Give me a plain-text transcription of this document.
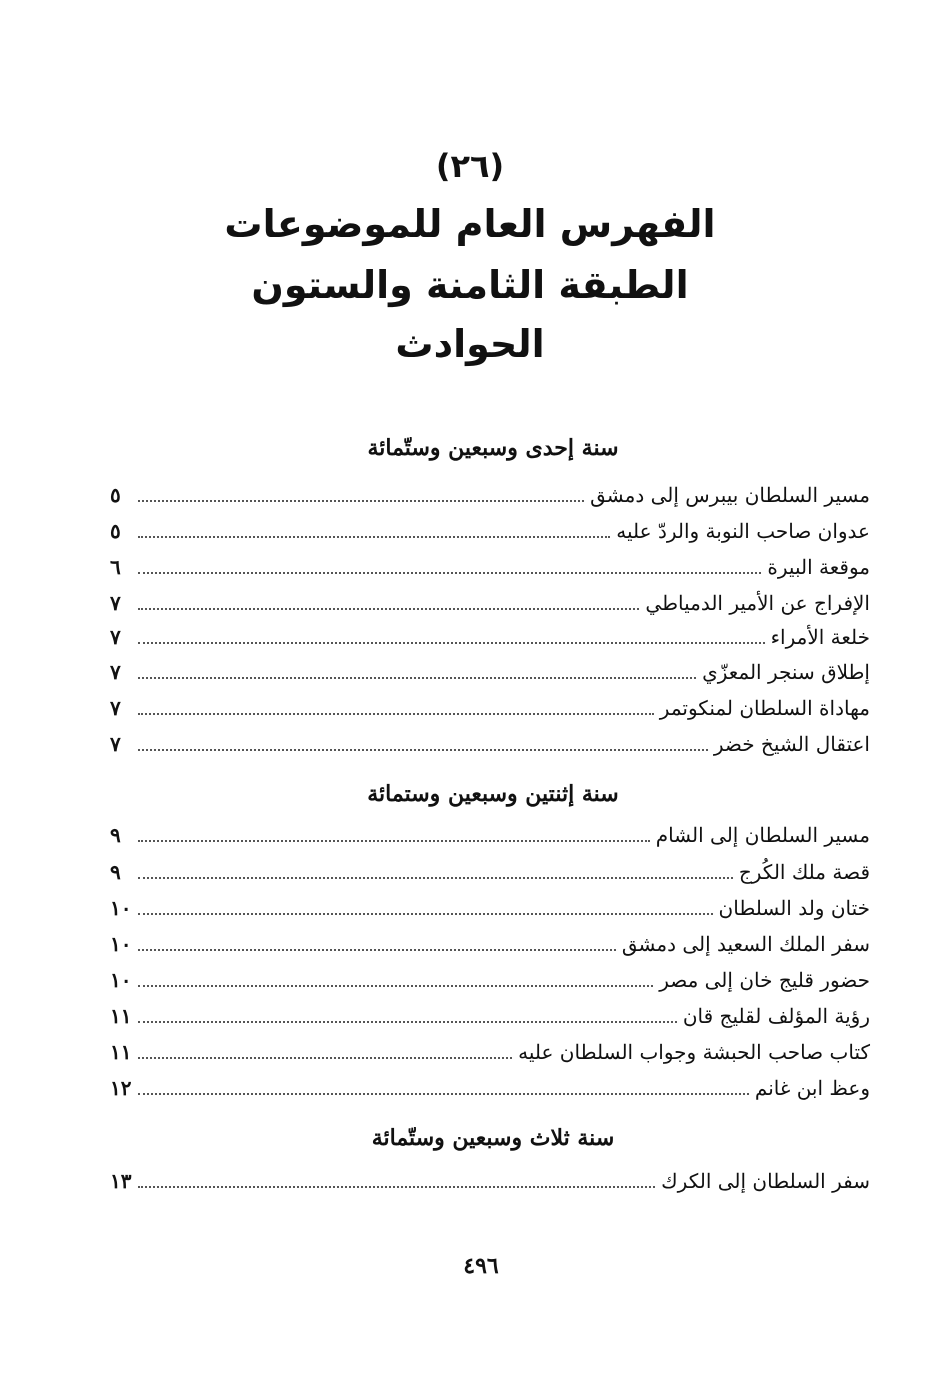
(٢٦)
الفهرس العام للموضوعات
الطبقة الثامنة والستون
الحوادث
سنة إحدى وسبعين وستّمائة
مسير السلطان بيبرس إلى دمشق
٥
عدوان صاحب النوبة والردّ عليه
٥
موقعة البيرة
٦
الإفراج عن الأمير الدمياطي
٧
خلعة الأمراء
٧
إطلاق سنجر المعزّي
٧
مهاداة السلطان لمنكوتمر
٧
اعتقال الشيخ خضر
٧
سنة إثنتين وسبعين وستمائة
مسير السلطان إلى الشام
٩
قصة ملك الكُرج
٩
ختان ولد السلطان
١٠
سفر الملك السعيد إلى دمشق
١٠
حضور قليج خان إلى مصر
١٠
رؤية المؤلف لقليج قان
١١
كتاب صاحب الحبشة وجواب السلطان عليه
١١
وعظ ابن غانم
١٢
سنة ثلاث وسبعين وستّمائة
سفر السلطان إلى الكرك
١٣
٤٩٦
